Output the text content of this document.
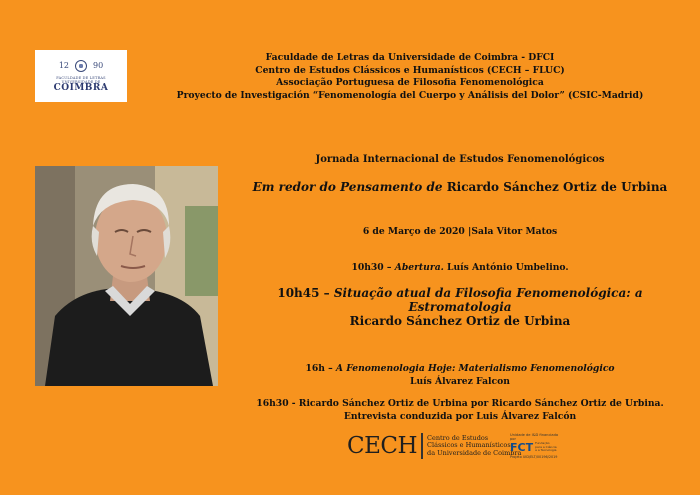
12	90
FACULDADE DE LETRAS
UNIVERSIDADE DE
COIMBRA
Faculdade de Letras da Universidade de Coimbra - DFCI
Centro de Estudos Clássicos e Humanísticos (CECH – FLUC)
Associação Portuguesa de Filosofia Fenomenológica
Proyecto de Investigación “Fenomenología del Cuerpo y Análisis del Dolor” (CSIC-Madrid)
Jornada Internacional de Estudos Fenomenológicos
Em redor do Pensamento de Ricardo Sánchez Ortiz de Urbina
6 de Março de 2020 |Sala Vitor Matos
10h30 – Abertura. Luís António Umbelino.
10h45 – Situação atual da Filosofia Fenomenológica: a Estromatologia
Ricardo Sánchez Ortiz de Urbina
16h – A Fenomenologia Hoje: Materialismo Fenomenológico
Luís Álvarez Falcon
16h30 - Ricardo Sánchez Ortiz de Urbina por Ricardo Sánchez Ortiz de Urbina.
Entrevista conduzida por Luis Álvarez Falcón
CECH Centro de Estudos
Clássicos e Humanísticos
da Universidade de Coimbra
Unidade de I&D financiada por
FCT Fundação
para a Ciência
e a Tecnologia
Projeto UID/ELT/00196/2019
